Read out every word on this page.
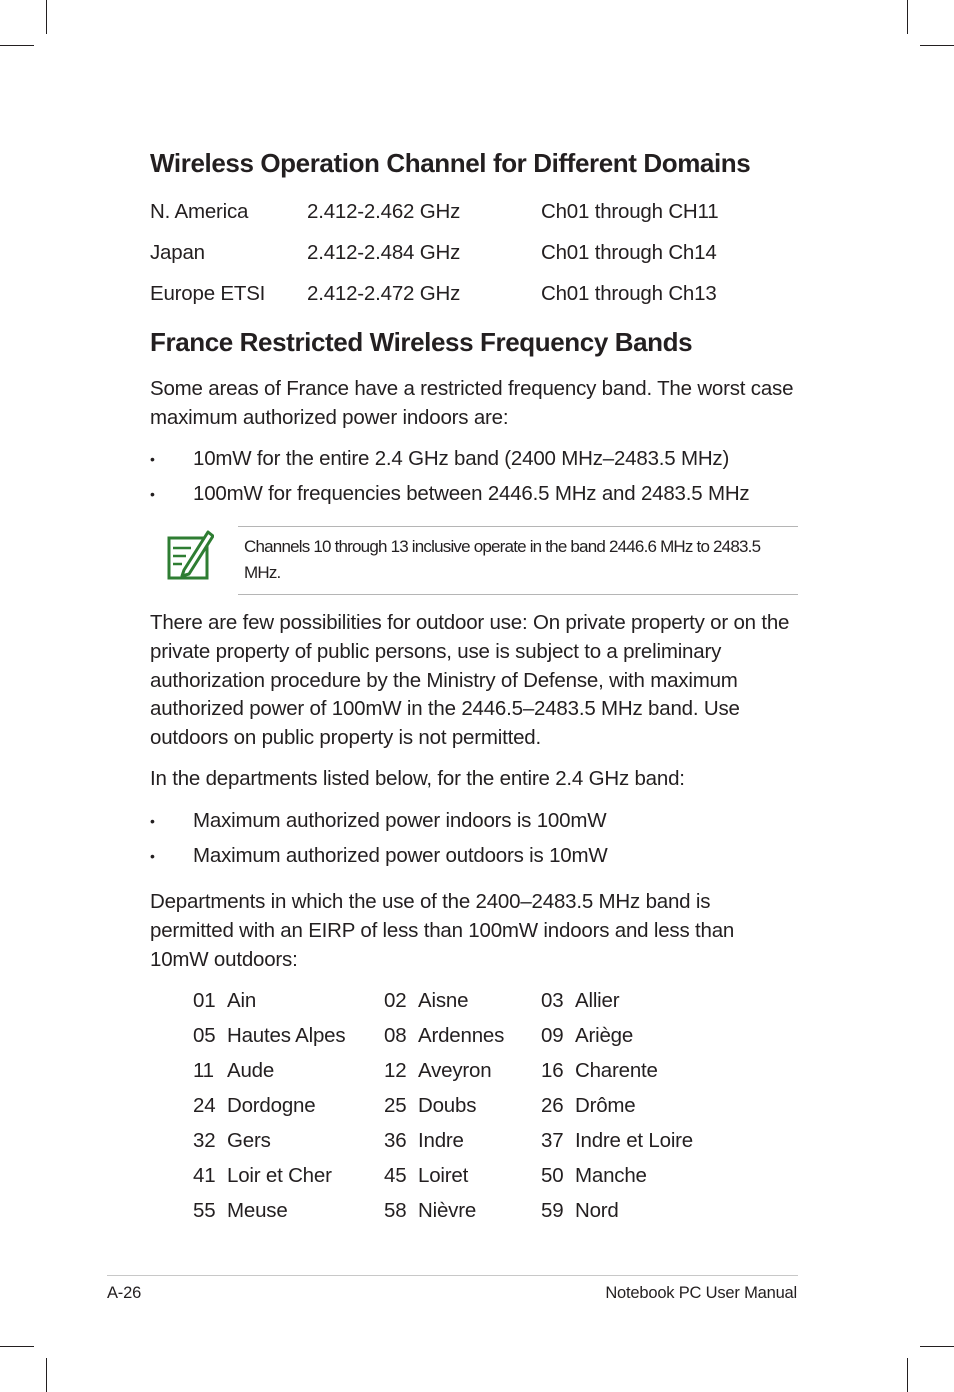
Wireless Operation Channel for Different Domains
N. America	2.412-2.462 GHz	Ch01 through CH11
Japan	2.412-2.484 GHz	Ch01 through Ch14
Europe ETSI 2.412-2.472 GHz	Ch01 through Ch13
France Restricted Wireless Frequency Bands
Some areas of France have a restricted frequency band. The worst case maximum authorized power indoors are:
• 10mW for the entire 2.4 GHz band (2400 MHz–2483.5 MHz)
• 100mW for frequencies between 2446.5 MHz and 2483.5 MHz
Channels 10 through 13 inclusive operate in the band 2446.6 MHz to 2483.5 MHz.
There are few possibilities for outdoor use: On private property or on the private property of public persons, use is subject to a preliminary authorization procedure by the Ministry of Defense, with maximum authorized power of 100mW in the 2446.5–2483.5 MHz band. Use outdoors on public property is not permitted.
In the departments listed below, for the entire 2.4 GHz band:
• Maximum authorized power indoors is 100mW
• Maximum authorized power outdoors is 10mW
Departments in which the use of the 2400–2483.5 MHz band is permitted with an EIRP of less than 100mW indoors and less than 10mW outdoors:
01 Ain	02 Aisne	03 Allier
05 Hautes Alpes 08 Ardennes 09 Ariège
11 Aude	12 Aveyron 16 Charente
24 Dordogne	25 Doubs	26 Drôme
32 Gers	36 Indre	37 Indre et Loire
41 Loir et Cher	45 Loiret	50 Manche
55 Meuse	58 Nièvre	59 Nord
A-26	Notebook PC User Manual
